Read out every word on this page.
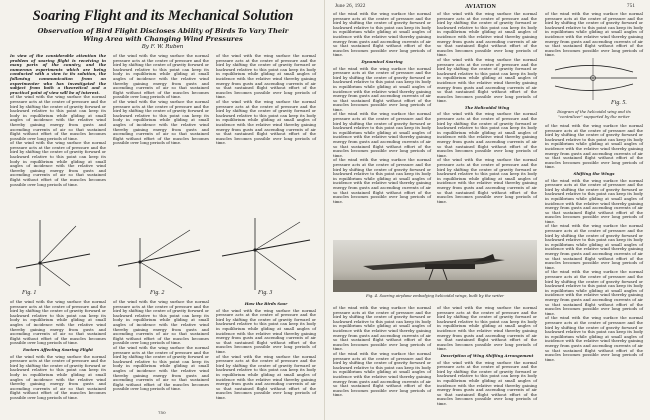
Soaring Flight and its Mechanical Solution
Observation of Bird Flight Discloses Ability of Birds To Vary Their Wing Area with Changing Wind Pressures
By F. W. Ruben
In view of the considerable attention the problem of soaring flight is receiving in many parts of the country, and the numerous experiments which are being conducted with a view to its solution, the following communication from an experimenter who has investigated the subject from both a theoretical and a practical point of view will be of interest.
of the wind with the wing surface the normal pressure acts at the centre of pressure and the bird by shifting the centre of gravity forward or backward relative to this point can keep its body in equilibrium while gliding at small angles of incidence with the relative wind thereby gaining energy from gusts and ascending currents of air so that sustained flight without effort of the muscles becomes possible over long periods of time.
of the wind with the wing surface the normal pressure acts at the centre of pressure and the bird by shifting the centre of gravity forward or backward relative to this point can keep its body in equilibrium while gliding at small angles of incidence with the relative wind thereby gaining energy from gusts and ascending currents of air so that sustained flight without effort of the muscles becomes possible over long periods of time.
of the wind with the wing surface the normal pressure acts at the centre of pressure and the bird by shifting the centre of gravity forward or backward relative to this point can keep its body in equilibrium while gliding at small angles of incidence with the relative wind thereby gaining energy from gusts and ascending currents of air so that sustained flight without effort of the muscles becomes possible over long periods of time.
of the wind with the wing surface the normal pressure acts at the centre of pressure and the bird by shifting the centre of gravity forward or backward relative to this point can keep its body in equilibrium while gliding at small angles of incidence with the relative wind thereby gaining energy from gusts and ascending currents of air so that sustained flight without effort of the muscles becomes possible over long periods of time.
of the wind with the wing surface the normal pressure acts at the centre of pressure and the bird by shifting the centre of gravity forward or backward relative to this point can keep its body in equilibrium while gliding at small angles of incidence with the relative wind thereby gaining energy from gusts and ascending currents of air so that sustained flight without effort of the muscles becomes possible over long periods of time.
of the wind with the wing surface the normal pressure acts at the centre of pressure and the bird by shifting the centre of gravity forward or backward relative to this point can keep its body in equilibrium while gliding at small angles of incidence with the relative wind thereby gaining energy from gusts and ascending currents of air so that sustained flight without effort of the muscles becomes possible over long periods of time.
Fig. 1	Fig. 2	Fig. 3
of the wind with the wing surface the normal pressure acts at the centre of pressure and the bird by shifting the centre of gravity forward or backward relative to this point can keep its body in equilibrium while gliding at small angles of incidence with the relative wind thereby gaining energy from gusts and ascending currents of air so that sustained flight without effort of the muscles becomes possible over long periods of time.
Factors Affecting Soaring Flight
of the wind with the wing surface the normal pressure acts at the centre of pressure and the bird by shifting the centre of gravity forward or backward relative to this point can keep its body in equilibrium while gliding at small angles of incidence with the relative wind thereby gaining energy from gusts and ascending currents of air so that sustained flight without effort of the muscles becomes possible over long periods of time.
of the wind with the wing surface the normal pressure acts at the centre of pressure and the bird by shifting the centre of gravity forward or backward relative to this point can keep its body in equilibrium while gliding at small angles of incidence with the relative wind thereby gaining energy from gusts and ascending currents of air so that sustained flight without effort of the muscles becomes possible over long periods of time.
of the wind with the wing surface the normal pressure acts at the centre of pressure and the bird by shifting the centre of gravity forward or backward relative to this point can keep its body in equilibrium while gliding at small angles of incidence with the relative wind thereby gaining energy from gusts and ascending currents of air so that sustained flight without effort of the muscles becomes possible over long periods of time.
How the Birds Soar
of the wind with the wing surface the normal pressure acts at the centre of pressure and the bird by shifting the centre of gravity forward or backward relative to this point can keep its body in equilibrium while gliding at small angles of incidence with the relative wind thereby gaining energy from gusts and ascending currents of air so that sustained flight without effort of the muscles becomes possible over long periods of time.
of the wind with the wing surface the normal pressure acts at the centre of pressure and the bird by shifting the centre of gravity forward or backward relative to this point can keep its body in equilibrium while gliding at small angles of incidence with the relative wind thereby gaining energy from gusts and ascending currents of air so that sustained flight without effort of the muscles becomes possible over long periods of time.
750
June 26, 1922	AVIATION	751
of the wind with the wing surface the normal pressure acts at the centre of pressure and the bird by shifting the centre of gravity forward or backward relative to this point can keep its body in equilibrium while gliding at small angles of incidence with the relative wind thereby gaining energy from gusts and ascending currents of air so that sustained flight without effort of the muscles becomes possible over long periods of time.
Dynamical Soaring
of the wind with the wing surface the normal pressure acts at the centre of pressure and the bird by shifting the centre of gravity forward or backward relative to this point can keep its body in equilibrium while gliding at small angles of incidence with the relative wind thereby gaining energy from gusts and ascending currents of air so that sustained flight without effort of the muscles becomes possible over long periods of time.
of the wind with the wing surface the normal pressure acts at the centre of pressure and the bird by shifting the centre of gravity forward or backward relative to this point can keep its body in equilibrium while gliding at small angles of incidence with the relative wind thereby gaining energy from gusts and ascending currents of air so that sustained flight without effort of the muscles becomes possible over long periods of time.
of the wind with the wing surface the normal pressure acts at the centre of pressure and the bird by shifting the centre of gravity forward or backward relative to this point can keep its body in equilibrium while gliding at small angles of incidence with the relative wind thereby gaining energy from gusts and ascending currents of air so that sustained flight without effort of the muscles becomes possible over long periods of time.
of the wind with the wing surface the normal pressure acts at the centre of pressure and the bird by shifting the centre of gravity forward or backward relative to this point can keep its body in equilibrium while gliding at small angles of incidence with the relative wind thereby gaining energy from gusts and ascending currents of air so that sustained flight without effort of the muscles becomes possible over long periods of time.
of the wind with the wing surface the normal pressure acts at the centre of pressure and the bird by shifting the centre of gravity forward or backward relative to this point can keep its body in equilibrium while gliding at small angles of incidence with the relative wind thereby gaining energy from gusts and ascending currents of air so that sustained flight without effort of the muscles becomes possible over long periods of time.
The Helicoidal Wing
of the wind with the wing surface the normal pressure acts at the centre of pressure and the bird by shifting the centre of gravity forward or backward relative to this point can keep its body in equilibrium while gliding at small angles of incidence with the relative wind thereby gaining energy from gusts and ascending currents of air so that sustained flight without effort of the muscles becomes possible over long periods of time.
of the wind with the wing surface the normal pressure acts at the centre of pressure and the bird by shifting the centre of gravity forward or backward relative to this point can keep its body in equilibrium while gliding at small angles of incidence with the relative wind thereby gaining energy from gusts and ascending currents of air so that sustained flight without effort of the muscles becomes possible over long periods of time.
Fig. 5.
Diagram of the helicoidal wing and its "centralizer" supported by the writer
of the wind with the wing surface the normal pressure acts at the centre of pressure and the bird by shifting the centre of gravity forward or backward relative to this point can keep its body in equilibrium while gliding at small angles of incidence with the relative wind thereby gaining energy from gusts and ascending currents of air so that sustained flight without effort of the muscles becomes possible over long periods of time.
of the wind with the wing surface the normal pressure acts at the centre of pressure and the bird by shifting the centre of gravity forward or backward relative to this point can keep its body in equilibrium while gliding at small angles of incidence with the relative wind thereby gaining energy from gusts and ascending currents of air so that sustained flight without effort of the muscles becomes possible over long periods of time.
Shifting the Wings
of the wind with the wing surface the normal pressure acts at the centre of pressure and the bird by shifting the centre of gravity forward or backward relative to this point can keep its body in equilibrium while gliding at small angles of incidence with the relative wind thereby gaining energy from gusts and ascending currents of air so that sustained flight without effort of the muscles becomes possible over long periods of time.
of the wind with the wing surface the normal pressure acts at the centre of pressure and the bird by shifting the centre of gravity forward or backward relative to this point can keep its body in equilibrium while gliding at small angles of incidence with the relative wind thereby gaining energy from gusts and ascending currents of air so that sustained flight without effort of the muscles becomes possible over long periods of time.
of the wind with the wing surface the normal pressure acts at the centre of pressure and the bird by shifting the centre of gravity forward or backward relative to this point can keep its body in equilibrium while gliding at small angles of incidence with the relative wind thereby gaining energy from gusts and ascending currents of air so that sustained flight without effort of the muscles becomes possible over long periods of time.
of the wind with the wing surface the normal pressure acts at the centre of pressure and the bird by shifting the centre of gravity forward or backward relative to this point can keep its body in equilibrium while gliding at small angles of incidence with the relative wind thereby gaining energy from gusts and ascending currents of air so that sustained flight without effort of the muscles becomes possible over long periods of time.
Fig. 4. Soaring airplane embodying helicoidal wings, built by the writer
of the wind with the wing surface the normal pressure acts at the centre of pressure and the bird by shifting the centre of gravity forward or backward relative to this point can keep its body in equilibrium while gliding at small angles of incidence with the relative wind thereby gaining energy from gusts and ascending currents of air so that sustained flight without effort of the muscles becomes possible over long periods of time.
of the wind with the wing surface the normal pressure acts at the centre of pressure and the bird by shifting the centre of gravity forward or backward relative to this point can keep its body in equilibrium while gliding at small angles of incidence with the relative wind thereby gaining energy from gusts and ascending currents of air so that sustained flight without effort of the muscles becomes possible over long periods of time.
of the wind with the wing surface the normal pressure acts at the centre of pressure and the bird by shifting the centre of gravity forward or backward relative to this point can keep its body in equilibrium while gliding at small angles of incidence with the relative wind thereby gaining energy from gusts and ascending currents of air so that sustained flight without effort of the muscles becomes possible over long periods of time.
Description of Wing Shifting Arrangement
of the wind with the wing surface the normal pressure acts at the centre of pressure and the bird by shifting the centre of gravity forward or backward relative to this point can keep its body in equilibrium while gliding at small angles of incidence with the relative wind thereby gaining energy from gusts and ascending currents of air so that sustained flight without effort of the muscles becomes possible over long periods of time.
